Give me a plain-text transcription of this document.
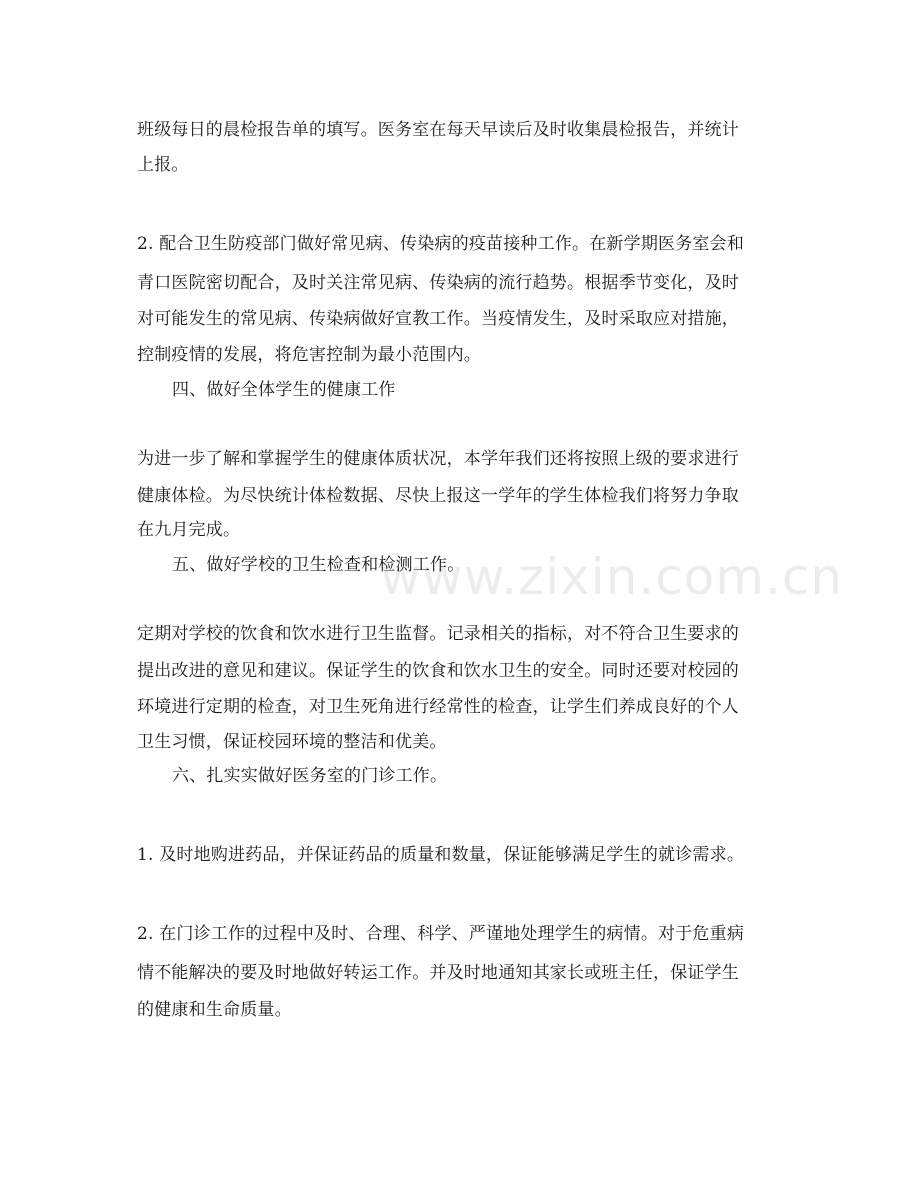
www.zixin.com.cn
班级每日的晨检报告单的填写。医务室在每天早读后及时收集晨检报告，并统计
上报。
2. 配合卫生防疫部门做好常见病、传染病的疫苗接种工作。在新学期医务室会和
青口医院密切配合，及时关注常见病、传染病的流行趋势。根据季节变化，及时
对可能发生的常见病、传染病做好宣教工作。当疫情发生，及时采取应对措施，
控制疫情的发展，将危害控制为最小范围内。
四、做好全体学生的健康工作
为进一步了解和掌握学生的健康体质状况，本学年我们还将按照上级的要求进行
健康体检。为尽快统计体检数据、尽快上报这一学年的学生体检我们将努力争取
在九月完成。
五、做好学校的卫生检查和检测工作。
定期对学校的饮食和饮水进行卫生监督。记录相关的指标，对不符合卫生要求的
提出改进的意见和建议。保证学生的饮食和饮水卫生的安全。同时还要对校园的
环境进行定期的检查，对卫生死角进行经常性的检查，让学生们养成良好的个人
卫生习惯，保证校园环境的整洁和优美。
六、扎实实做好医务室的门诊工作。
1. 及时地购进药品，并保证药品的质量和数量，保证能够满足学生的就诊需求。
2. 在门诊工作的过程中及时、合理、科学、严谨地处理学生的病情。对于危重病
情不能解决的要及时地做好转运工作。并及时地通知其家长或班主任，保证学生
的健康和生命质量。
